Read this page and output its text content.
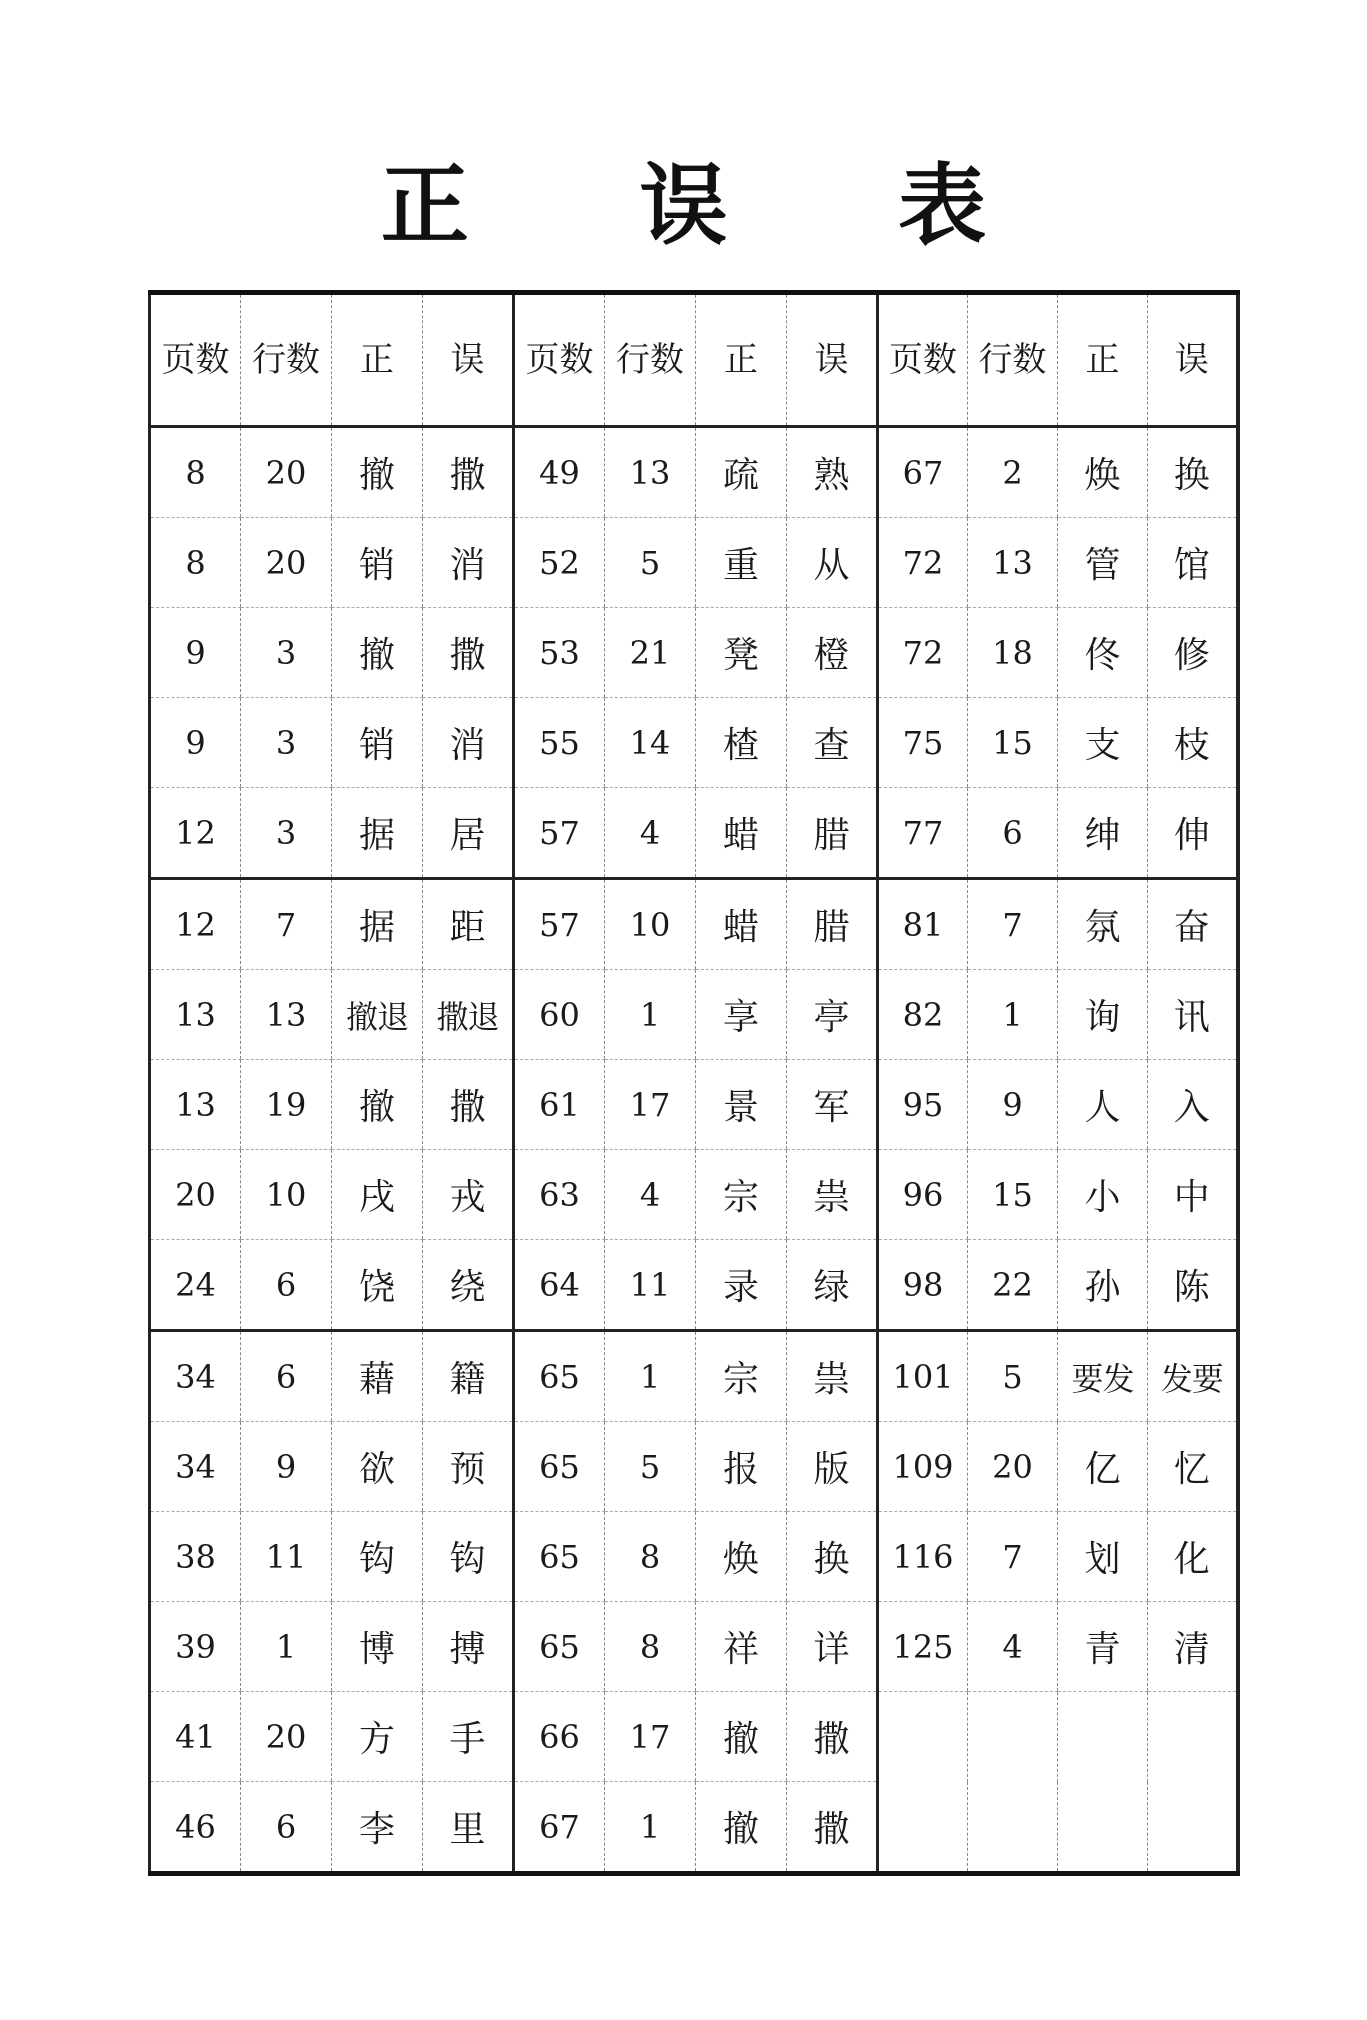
正 误 表
页数	行数	正	误	页数	行数	正	误	页数	行数	正	误
8	20	撤	撒	49	13	疏	熟	67	2	焕	换
8	20	销	消	52	5	重	从	72	13	管	馆
9	3	撤	撒	53	21	凳	橙	72	18	佟	修
9	3	销	消	55	14	楂	查	75	15	支	枝
12	3	据	居	57	4	蜡	腊	77	6	绅	伸
12	7	据	距	57	10	蜡	腊	81	7	氛	奋
13	13	撤退	撒退	60	1	享	亭	82	1	询	讯
13	19	撤	撒	61	17	景	军	95	9	人	入
20	10	戌	戎	63	4	宗	祟	96	15	小	中
24	6	饶	绕	64	11	录	绿	98	22	孙	陈
34	6	藉	籍	65	1	宗	祟	101	5	要发	发要
34	9	欲	预	65	5	报	版	109	20	亿	忆
38	11	钩	钩	65	8	焕	换	116	7	划	化
39	1	博	搏	65	8	祥	详	125	4	青	清
41	20	方	手	66	17	撤	撒				
46	6	李	里	67	1	撤	撒				
